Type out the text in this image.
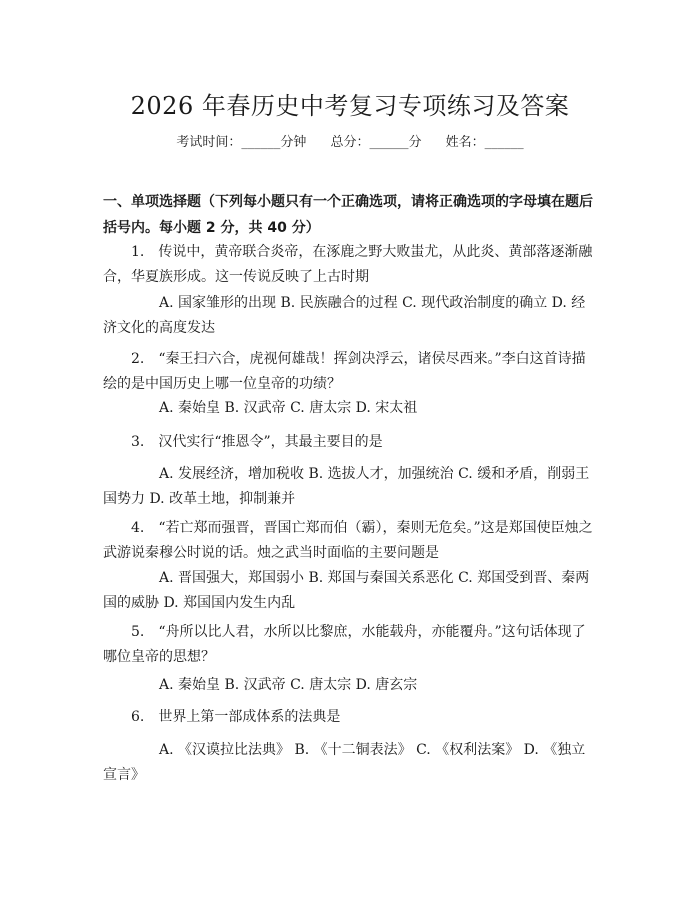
2026 年春历史中考复习专项练习及答案
考试时间：______分钟 总分：______分 姓名：______
一、单项选择题（下列每小题只有一个正确选项，请将正确选项的字母填在题后括号内。每小题 2 分，共 40 分）
1.　传说中，黄帝联合炎帝，在涿鹿之野大败蚩尤，从此炎、黄部落逐渐融合，华夏族形成。这一传说反映了上古时期
A. 国家雏形的出现 B. 民族融合的过程 C. 现代政治制度的确立 D. 经济文化的高度发达
2.　“秦王扫六合，虎视何雄哉！挥剑决浮云，诸侯尽西来。”李白这首诗描绘的是中国历史上哪一位皇帝的功绩？
A. 秦始皇 B. 汉武帝 C. 唐太宗 D. 宋太祖
3.　汉代实行“推恩令”，其最主要目的是
A. 发展经济，增加税收 B. 选拔人才，加强统治 C. 缓和矛盾，削弱王国势力 D. 改革土地，抑制兼并
4.　“若亡郑而强晋，晋国亡郑而伯（霸），秦则无危矣。”这是郑国使臣烛之武游说秦穆公时说的话。烛之武当时面临的主要问题是
A. 晋国强大，郑国弱小 B. 郑国与秦国关系恶化 C. 郑国受到晋、秦两国的威胁 D. 郑国国内发生内乱
5.　“舟所以比人君，水所以比黎庶，水能载舟，亦能覆舟。”这句话体现了哪位皇帝的思想？
A. 秦始皇 B. 汉武帝 C. 唐太宗 D. 唐玄宗
6.　世界上第一部成体系的法典是
A. 《汉谟拉比法典》 B. 《十二铜表法》 C. 《权利法案》 D. 《独立宣言》
